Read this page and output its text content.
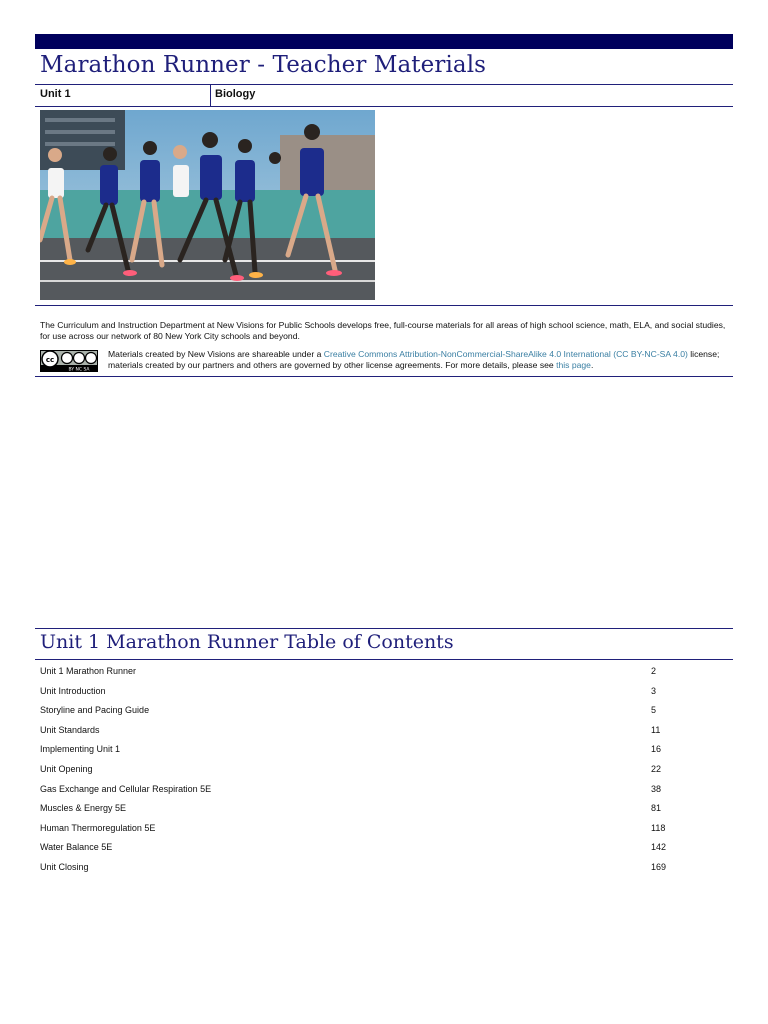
Marathon Runner - Teacher Materials
Unit 1	Biology

The Curriculum and Instruction Department at New Visions for Public Schools develops free, full-course materials for all areas of high school science, math, ELA, and social studies, for use across our network of 80 New York City schools and beyond.

cc
BY NC SA

Materials created by New Visions are shareable under a Creative Commons Attribution-NonCommercial-ShareAlike 4.0 International (CC BY-NC-SA 4.0) license; materials created by our partners and others are governed by other license agreements. For more details, please see this page.

Unit 1 Marathon Runner Table of Contents
Unit 1 Marathon Runner	2
Unit Introduction	3
Storyline and Pacing Guide	5
Unit Standards	11
Implementing Unit 1	16
Unit Opening	22
Gas Exchange and Cellular Respiration 5E	38
Muscles & Energy 5E	81
Human Thermoregulation 5E	118
Water Balance 5E	142
Unit Closing	169
